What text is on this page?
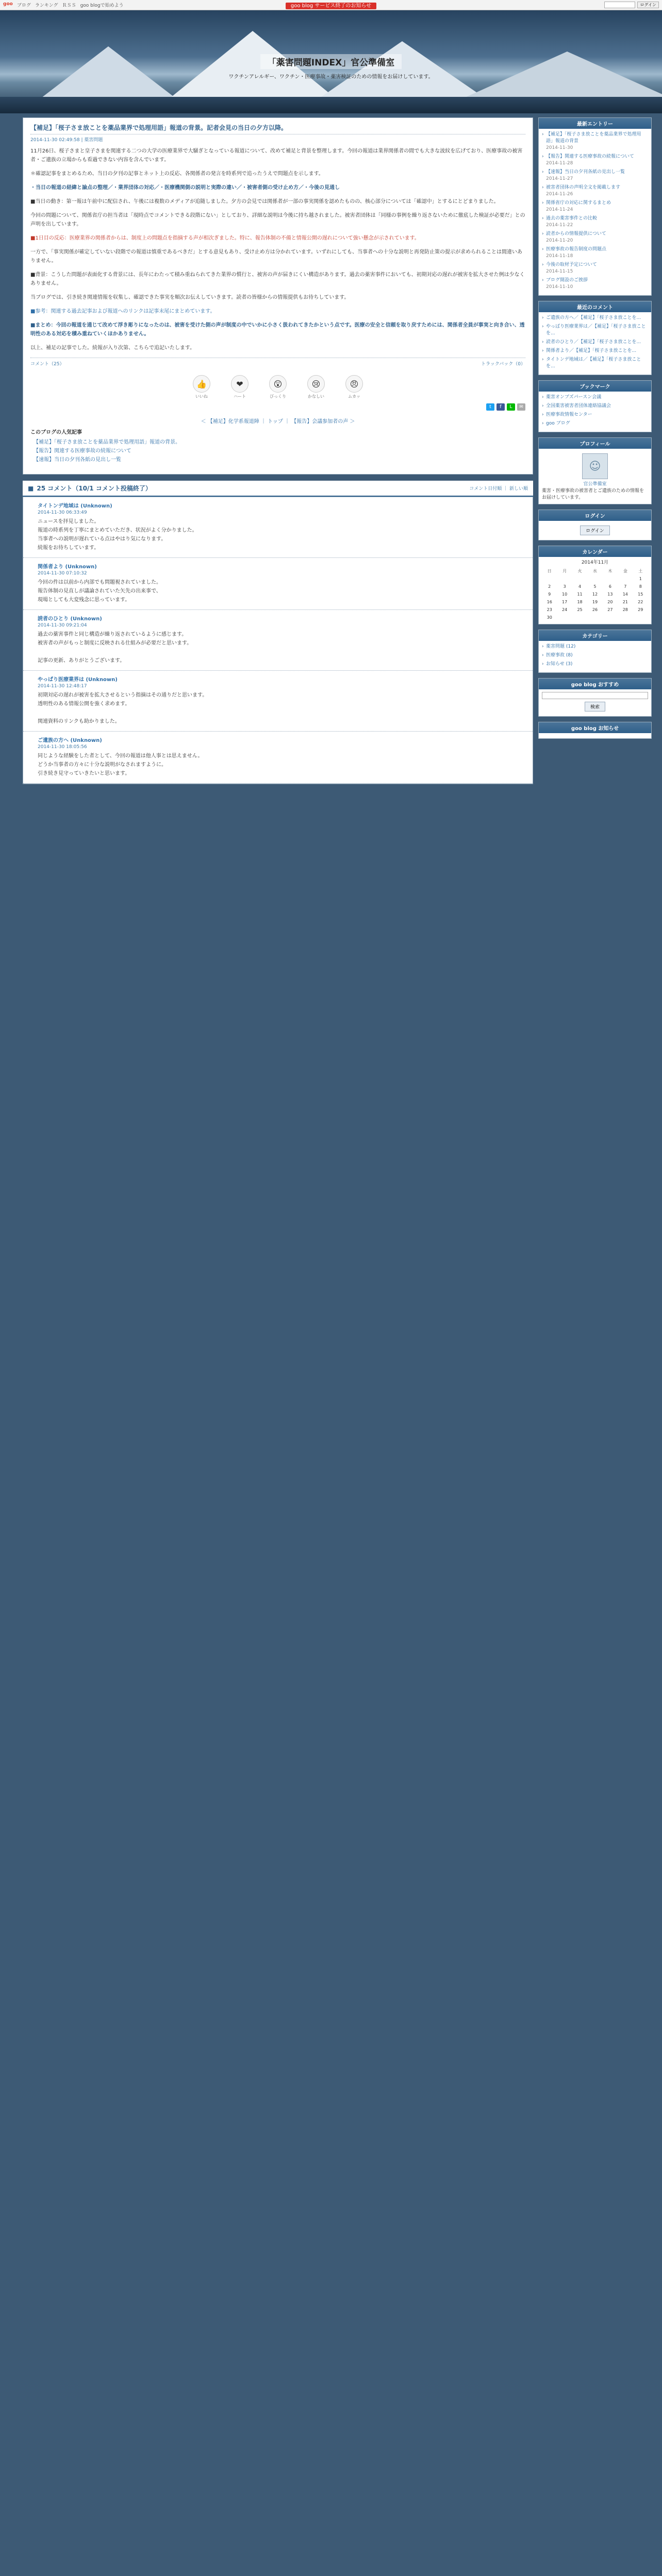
goo ブログ ランキング ＲＳＳ goo blogで始めよう	goo blog サービス終了のお知らせ	ログイン
「薬害問題INDEX」官公準備室
ワクチンアレルギー、ワクチン・医療事故・薬害検証のための情報をお届けしています。
【補足】「桜子さま放ことを薬品業界で処理用語」報道の背景。記者会見の当日の夕方以降。
2014-11-30 02:49:58 | 薬害問題

11月26日、桜子さまと皇子さまを関連する二つの大学の医療業界で大騒ぎとなっている報道について、改めて補足と背景を整理します。今回の報道は業界関係者の間でも大きな波紋を広げており、医療事故の被害者・ご遺族の立場からも看過できない内容を含んでいます。

＊確認記事をまとめるため、当日の夕刊の記事とネット上の反応、各関係者の発言を時系列で追ったうえで問題点を示します。

・当日の報道の経緯と論点の整理／・業界団体の対応／・医療機関側の説明と実際の違い／・被害者側の受け止め方／・今後の見通し

■当日の動き：第一報は午前中に配信され、午後には複数のメディアが追随しました。夕方の会見では関係者が一部の事実関係を認めたものの、核心部分については「確認中」とするにとどまりました。

今回の問題について、関係省庁の担当者は「現時点でコメントできる段階にない」としており、詳細な説明は今後に持ち越されました。被害者団体は「同様の事例を繰り返さないために徹底した検証が必要だ」との声明を出しています。

■1日目の反応：医療業界の関係者からは、制度上の問題点を指摘する声が相次ぎました。特に、報告体制の不備と情報公開の遅れについて強い懸念が示されています。

一方で、「事実関係が確定していない段階での報道は慎重であるべきだ」とする意見もあり、受け止め方は分かれています。いずれにしても、当事者への十分な説明と再発防止策の提示が求められることは間違いありません。

■背景：こうした問題が表面化する背景には、長年にわたって積み重ねられてきた業界の慣行と、被害の声が届きにくい構造があります。過去の薬害事件においても、初期対応の遅れが被害を拡大させた例は少なくありません。

当ブログでは、引き続き関連情報を収集し、確認できた事実を順次お伝えしていきます。読者の皆様からの情報提供もお待ちしています。

■参考：関連する過去記事および報道へのリンクは記事末尾にまとめています。

■まとめ：今回の報道を通じて改めて浮き彫りになったのは、被害を受けた側の声が制度の中でいかに小さく扱われてきたかという点です。医療の安全と信頼を取り戻すためには、関係者全員が事実と向き合い、透明性のある対応を積み重ねていくほかありません。

以上、補足の記事でした。続報が入り次第、こちらで追記いたします。

コメント（25）	トラックバック（0）
👍
いいね
❤
ハート
😲
びっくり
😢
かなしい
😠
ムカッ
t	f	L	✉
＜ 【補足】化学系報道陣 ｜ トップ ｜ 【報告】会議参加者の声 ＞
このブログの人気記事
【補足】「桜子さま放ことを薬品業界で処理用語」報道の背景。
【報告】関連する医療事故の続報について
【速報】当日の夕刊各紙の見出し一覧
■ 25 コメント（10/1 コメント投稿終了）	コメント日付順 ｜ 新しい順
タイトンデ地域は (Unknown)
2014-11-30 06:33:49
ニュースを拝見しました。
報道の時系列を丁寧にまとめていただき、状況がよく分かりました。
当事者への説明が遅れている点はやはり気になります。
続報をお待ちしています。
関係者より (Unknown)
2014-11-30 07:10:32
今回の件は以前から内部でも問題視されていました。
報告体制の見直しが議論されていた矢先の出来事で、
現場としても大変残念に思っています。
読者のひとり (Unknown)
2014-11-30 09:21:04
過去の薬害事件と同じ構造が繰り返されているように感じます。
被害者の声がもっと制度に反映される仕組みが必要だと思います。

記事の更新、ありがとうございます。
やっぱり医療業界は (Unknown)
2014-11-30 12:48:17
初期対応の遅れが被害を拡大させるという指摘はその通りだと思います。
透明性のある情報公開を強く求めます。

関連資料のリンクも助かりました。
ご遺族の方へ (Unknown)
2014-11-30 18:05:56
同じような経験をした者として、今回の報道は他人事とは思えません。
どうか当事者の方々に十分な説明がなされますように。
引き続き見守っていきたいと思います。
最新エントリー
› 【補足】「桜子さま放ことを薬品業界で処理用語」報道の背景
2014-11-30
› 【報告】関連する医療事故の続報について
2014-11-28
› 【速報】当日の夕刊各紙の見出し一覧
2014-11-27
› 被害者団体の声明全文を掲載します
2014-11-26
› 関係省庁の対応に関するまとめ
2014-11-24
› 過去の薬害事件との比較
2014-11-22
› 読者からの情報提供について
2014-11-20
› 医療事故の報告制度の問題点
2014-11-18
› 今後の取材予定について
2014-11-15
› ブログ開設のご挨拶
2014-11-10
最近のコメント
› ご遺族の方へ／【補足】「桜子さま放ことを...
› やっぱり医療業界は／【補足】「桜子さま放ことを...
› 読者のひとり／【補足】「桜子さま放ことを...
› 関係者より／【補足】「桜子さま放ことを...
› タイトンデ地域は／【補足】「桜子さま放ことを...
ブックマーク
› 薬害オンブズパースン会議
› 全国薬害被害者団体連絡協議会
› 医療事故情報センター
› goo ブログ
プロフィール
☺
官公準備室
薬害・医療事故の被害者とご遺族のための情報をお届けしています。
ログイン
ログイン
カレンダー
2014年11月
日	月	火	水	木	金	土
						1
2	3	4	5	6	7	8
9	10	11	12	13	14	15
16	17	18	19	20	21	22
23	24	25	26	27	28	29
30						
カテゴリー
› 薬害問題 (12)
› 医療事故 (8)
› お知らせ (3)
goo blog おすすめ
検索
goo blog お知らせ
